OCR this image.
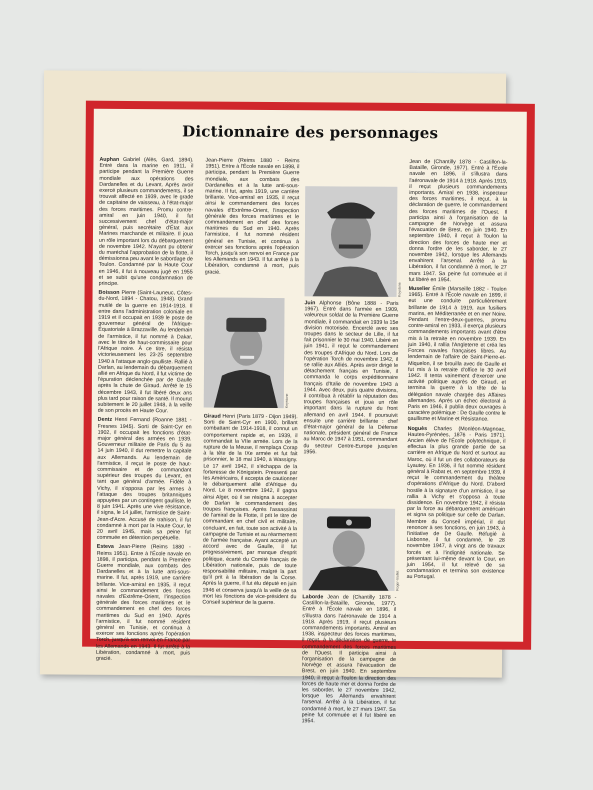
Dictionnaire des personnages

Auphan Gabriel (Alès, Gard, 1894). Entré dans la marine en 1911, il participe pendant la Première Guerre mondiale aux opérations des Dardanelles et du Levant. Après avoir exercé plusieurs commandements, il se trouvait affecté en 1939, avec le grade de capitaine de vaisseau, à l'état-major des forces maritimes. Promu contre-amiral en juin 1940, il fut successivement chef d'état-major général, puis secrétaire d'État aux Marines marchande et militaire. Il joua un rôle important lors du débarquement de novembre 1942. N'ayant pu obtenir du maréchal l'approbation de la flotte, il démissionna peu avant le sabordage de Toulon. Condamné par la Haute Cour en 1946, il fut à nouveau jugé en 1955 et se subit qu'une condamnation de principe.

Boisson Pierre (Saint-Launeuc, Côtes-du-Nord, 1894 - Chatou, 1948). Grand mutilé de la guerre en 1914-1918. Il entre dans l'administration coloniale en 1919 et il occupait en 1939 le poste de gouverneur général de l'Afrique-Équatoriale à Brazzaville. Au lendemain de l'armistice, il fut nommé à Dakar, avec le titre de haut-commissaire pour l'Afrique noire. À ce titre, il résista victorieusement les 23-25 septembre 1940 à l'attaque anglo-gaulliste. Rallié à Darlan, au lendemain du débarquement allié en Afrique du Nord, il fut victime de l'épuration déclenchée par de Gaulle après la chute de Giraud. Arrêté le 15 décembre 1943, il fut libéré deux ans plus tard pour raison de santé. Il mourut subitement le 20 juillet 1948, à la veille de son procès en Haute Cour.

Dentz Henri Fernand (Roanne 1881 - Fresnes 1945). Sorti de Saint-Cyr en 1902, il occupait les fonctions d'état-major général des armées en 1939. Gouverneur militaire de Paris du 5 au 14 juin 1940, il dut remettre la capitale aux Allemands. Au lendemain de l'armistice, il reçut le poste de haut-commissaire et de commandant supérieur des troupes du Levant, en tant que général d'armée. Fidèle à Vichy, il s'opposa par les armes à l'attaque des troupes britanniques appuyées par un contingent gaulliste, le 8 juin 1941. Après une vive résistance, il signa, le 14 juillet, l'armistice de Saint-Jean-d'Acre. Accusé de trahison, il fut condamné à mort par la Haute Cour, le 20 avril 1945, mais sa peine fut commuée en détention perpétuelle.

Esteva Jean-Pierre (Reims 1880 - Reims 1951). Entre à l'École navale en 1898, il participa, pendant la Première Guerre mondiale, aux combats des Dardanelles et à la lutte anti-sous-marine. Il fut, après 1919, une carrière brillante. Vice-amiral en 1935, il reçut ainsi le commandement des forces navales d'Extrême-Orient, l'inspection générale des forces maritimes et le commandement en chef des forces maritimes du Sud en 1940. Après l'armistice, il fut nommé résident général en Tunisie, et continua à exercer ses fonctions après l'opération Torch, jusqu'à son renvoi en France par les Allemands en 1943. Il fut arrêté à la Libération, condamné à mort, puis gracié.

Keystone

Giraud Henri (Paris 1879 - Dijon 1949). Sorti de Saint-Cyr en 1900, brillant combattant de 1914-1918, il connut un comportement rapide et, en 1939, il commandait la VIIe armée. Lors de la rupture de la Meuse, il remplaça Corap à la tête de la IXe armée et fut fait prisonnier, le 18 mai 1940, à Wassigny. Le 17 avril 1942, il s'échappa de la forteresse de Königstein. Pressenti par les Américains, il accepta de cautionner le débarquement allié d'Afrique du Nord. Le 8 novembre 1942, il gagna ainsi Alger, où il se résigna à accepter de Darlan le commandement des troupes françaises. Après l'assassinat de l'amiral de la Flotte, il prit le titre de commandant en chef civil et militaire, concluant, en fait, toute son activité à la campagne de Tunisie et au réarmement de l'armée française. Ayant accepté un accord avec de Gaulle, il fut progressivement, par manque d'esprit politique, écarté du Comité français de Libération nationale, puis de toute responsabilité militaire, malgré la part qu'il prit à la libération de la Corse. Après la guerre, il fut élu député en juin 1946 et conserva jusqu'à la veille de sa mort les fonctions de vice-président du Conseil supérieur de la guerre.

Jean-Pierre (Reims 1880 - Reims 1951). Entre à l'École navale en 1898, il participa, pendant la Première Guerre mondiale, aux combats des Dardanelles et à la lutte anti-sous-marine. Il fut, après 1919, une carrière brillante. Vice-amiral en 1935, il reçut ainsi le commandement des forces navales d'Extrême-Orient, l'inspection générale des forces maritimes et le commandement en chef des forces maritimes du Sud en 1940. Après l'armistice, il fut nommé résident général en Tunisie, et continua à exercer ses fonctions après l'opération Torch, jusqu'à son renvoi en France par les Allemands en 1943. Il fut arrêté à la Libération, condamné à mort, puis gracié.

Keystone

Juin Alphonse (Bône 1888 - Paris 1967). Entré dans l'armée en 1909, valeureux soldat de la Première Guerre mondiale, il commandait en 1939 la 15e division motorisée. Encerclé avec ses troupes dans le secteur de Lille, il fut fait prisonnier le 30 mai 1940. Libéré en juin 1941, il reçut le commandement des troupes d'Afrique du Nord. Lors de l'opération Torch de novembre 1942, il se rallie aux Alliés. Après avoir dirigé le détachement français en Tunisie, il commanda le corps expéditionnaire français d'Italie de novembre 1943 à 1944. Avec deux, puis quatre divisions, il contribua à rétablir la réputation des troupes françaises et joua un rôle important dans la rupture du front allemand en avril 1944. Il poursuivit ensuite une carrière brillante : chef d'état-major général de la Défense nationale, président général de France au Maroc de 1947 à 1951, commandant du secteur Centre-Europe jusqu'en 1956.

Roger-Viollet

Laborde Jean de (Chantilly 1878 - Castillon-la-Bataille, Gironde, 1977). Entré à l'École navale en 1896, il s'illustra dans l'aéronavale de 1914 à 1918. Après 1919, il reçut plusieurs commandements importants. Amiral en 1938, inspecteur des forces maritimes, il reçut, à la déclaration de guerre, le commandement des forces maritimes de l'Ouest. Il participa ainsi à l'organisation de la campagne de Norvège et assura l'évacuation de Brest, en juin 1940. En septembre 1940, il reçut à Toulon la direction des forces de haute mer et donna l'ordre de les saborder, le 27 novembre 1942, lorsque les Allemands envahirent l'arsenal. Arrêté à la Libération, il fut condamné à mort, le 27 mars 1947. Sa peine fut commuée et il fut libéré en 1954.

Jean de (Chantilly 1878 - Castillon-la-Bataille, Gironde, 1977). Entré à l'École navale en 1896, il s'illustra dans l'aéronavale de 1914 à 1918. Après 1919, il reçut plusieurs commandements importants. Amiral en 1938, inspecteur des forces maritimes, il reçut, à la déclaration de guerre, le commandement des forces maritimes de l'Ouest. Il participa ainsi à l'organisation de la campagne de Norvège et assura l'évacuation de Brest, en juin 1940. En septembre 1940, il reçut à Toulon la direction des forces de haute mer et donna l'ordre de les saborder, le 27 novembre 1942, lorsque les Allemands envahirent l'arsenal. Arrêté à la Libération, il fut condamné à mort, le 27 mars 1947. Sa peine fut commuée et il fut libéré en 1954.

Muselier Émile (Marseille 1882 - Toulon 1965). Entré à l'École navale en 1899, il eut une conduite particulièrement brillante de 1914 à 1919, aux fusiliers marins, en Méditerranée et en mer Noire. Pendant l'entre-deux-guerres, promu contre-amiral en 1933, il exerça plusieurs commandements importants avant d'être mis à la retraite en novembre 1939. En juin 1940, il rallia l'Angleterre et créa les Forces navales françaises libres. Au lendemain de l'affaire de Saint-Pierre-et-Miquelon, il se brouilla avec de Gaulle et fut mis à la retraite d'office le 30 avril 1942. Il tenta vainement d'exercer une activité politique auprès de Giraud, et termina la guerre à la tête de la délégation navale chargée des Affaires allemandes. Après un échec électoral à Paris en 1946, il publia deux ouvrages à caractère polémique : De Gaulle contre le gaullisme et Marine et Résistance.

Noguès Charles (Monléon-Magnoac, Hautes-Pyrénées, 1876 - Paris 1971). Ancien élève de l'École polytechnique, il effectua la plus grande partie de sa carrière en Afrique du Nord et surtout au Maroc, où il fut un des collaborateurs de Lyautey. En 1936, il fut nommé résident général à Rabat et, en septembre 1939, il reçut le commandement du théâtre d'opérations d'Afrique du Nord. D'abord hostile à la signature d'un armistice, il se rallia à Vichy et s'opposa à toute dissidence. En novembre 1942, il résista par la force au débarquement américain et signa sa politique sur celle de Darlan. Membre du Conseil impérial, il dut renoncer à ses fonctions, en juin 1943, à l'initiative de De Gaulle. Réfugié à Lisbonne, il fut condamné, le 28 novembre 1947, à vingt ans de travaux forcés et à l'indignité nationale. Se présentant lui-même devant la Cour, en juin 1954, il fut relevé de sa condamnation et termina son existence au Portugal.
